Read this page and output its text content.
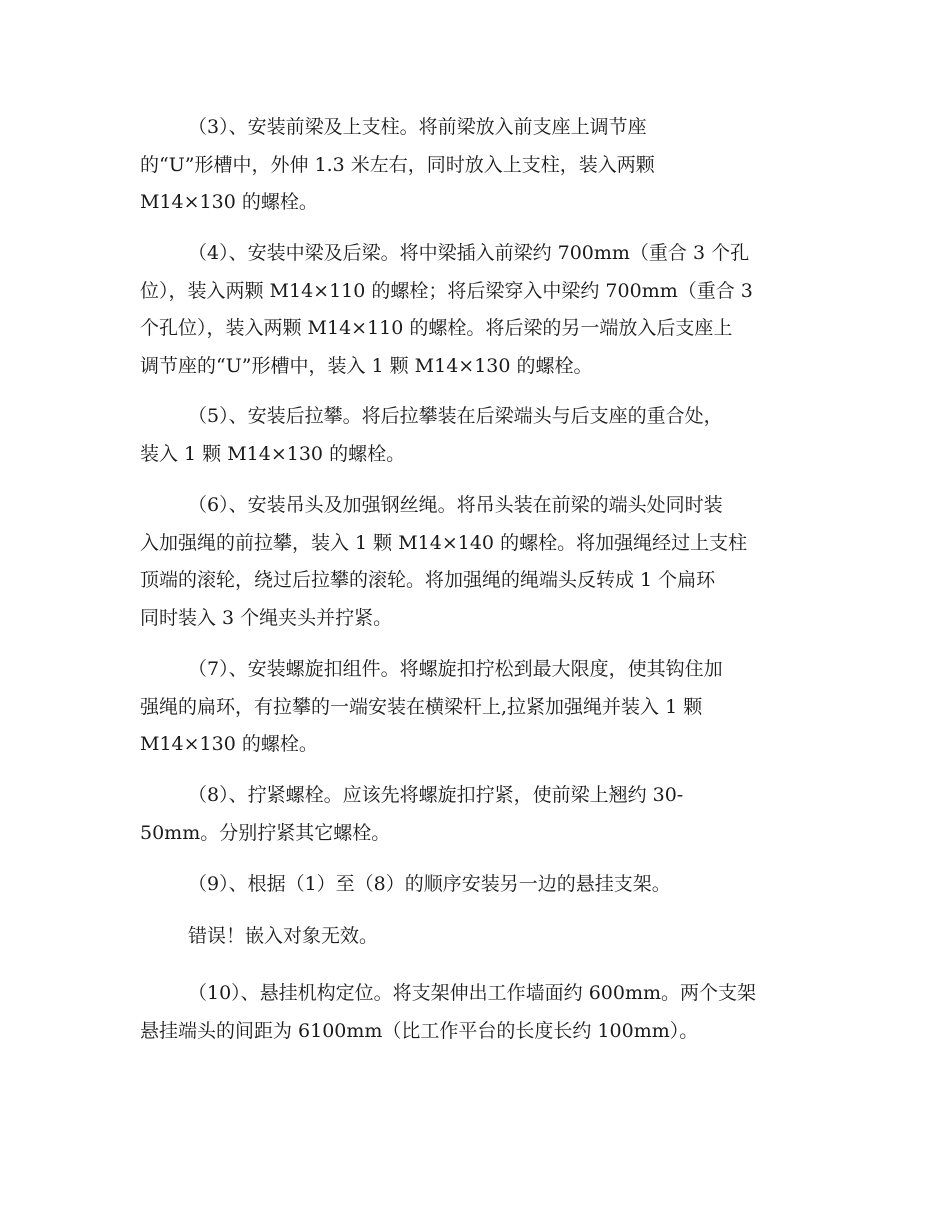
（3）、安装前梁及上支柱。将前梁放入前支座上调节座
的“U”形槽中，外伸 1.3 米左右，同时放入上支柱，装入两颗
M14×130 的螺栓。
（4）、安装中梁及后梁。将中梁插入前梁约 700mm（重合 3 个孔
位），装入两颗 M14×110 的螺栓；将后梁穿入中梁约 700mm（重合 3
个孔位），装入两颗 M14×110 的螺栓。将后梁的另一端放入后支座上
调节座的“U”形槽中，装入 1 颗 M14×130 的螺栓。
（5）、安装后拉攀。将后拉攀装在后梁端头与后支座的重合处，
装入 1 颗 M14×130 的螺栓。
（6）、安装吊头及加强钢丝绳。将吊头装在前梁的端头处同时装
入加强绳的前拉攀，装入 1 颗 M14×140 的螺栓。将加强绳经过上支柱
顶端的滚轮，绕过后拉攀的滚轮。将加强绳的绳端头反转成 1 个扁环
同时装入 3 个绳夹头并拧紧。
（7）、安装螺旋扣组件。将螺旋扣拧松到最大限度，使其钩住加
强绳的扁环，有拉攀的一端安装在横梁杆上,拉紧加强绳并装入 1 颗
M14×130 的螺栓。
（8）、拧紧螺栓。应该先将螺旋扣拧紧，使前梁上翘约 30-
50mm。分别拧紧其它螺栓。
（9）、根据（1）至（8）的顺序安装另一边的悬挂支架。
错误！嵌入对象无效。
（10）、悬挂机构定位。将支架伸出工作墙面约 600mm。两个支架
悬挂端头的间距为 6100mm（比工作平台的长度长约 100mm）。
